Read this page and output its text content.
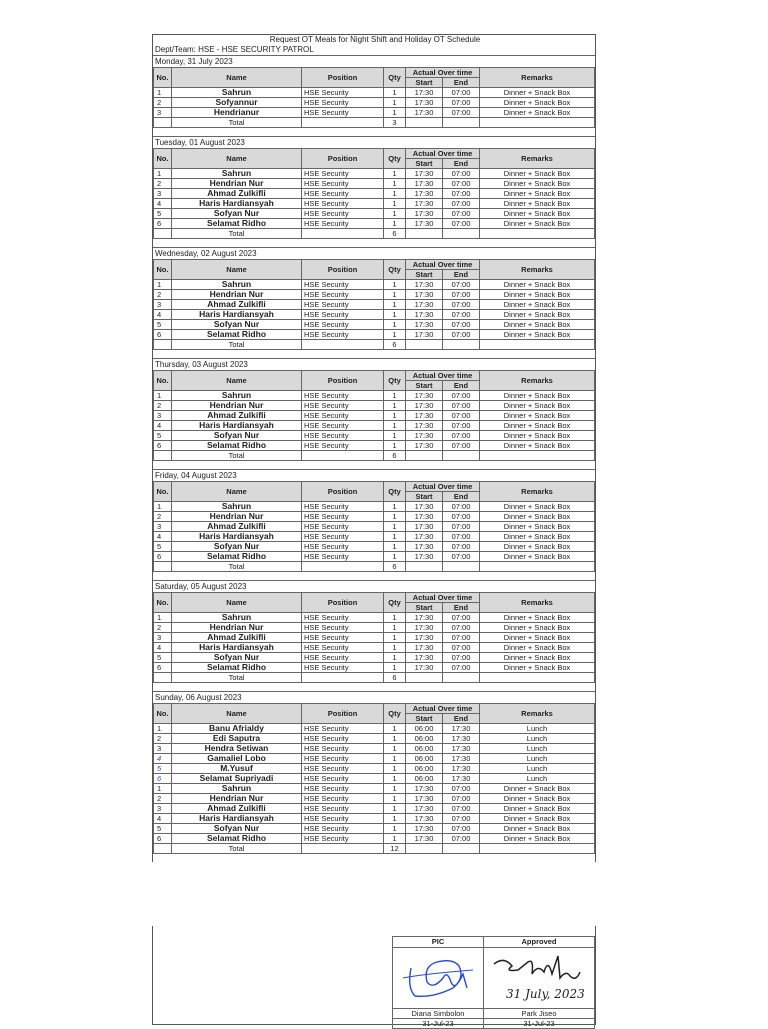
Request OT Meals for Night Shift and Holiday OT Schedule
Dept/Team: HSE - HSE SECURITY PATROL
Monday, 31 July 2023
No.	Name	Position	Qty	Actual Over time		Remarks
				Start	End	
1	Sahrun	HSE Security	1	17:30	07:00	Dinner + Snack Box
2	Sofyannur	HSE Security	1	17:30	07:00	Dinner + Snack Box
3	Hendrianur	HSE Security	1	17:30	07:00	Dinner + Snack Box
	Total		3			
Tuesday, 01 August 2023
No.	Name	Position	Qty	Actual Over time		Remarks
				Start	End	
1	Sahrun	HSE Security	1	17:30	07:00	Dinner + Snack Box
2	Hendrian Nur	HSE Security	1	17:30	07:00	Dinner + Snack Box
3	Ahmad Zulkifli	HSE Security	1	17:30	07:00	Dinner + Snack Box
4	Haris Hardiansyah	HSE Security	1	17:30	07:00	Dinner + Snack Box
5	Sofyan Nur	HSE Security	1	17:30	07:00	Dinner + Snack Box
6	Selamat Ridho	HSE Security	1	17:30	07:00	Dinner + Snack Box
	Total		6			
Wednesday, 02 August 2023
No.	Name	Position	Qty	Actual Over time		Remarks
				Start	End	
1	Sahrun	HSE Security	1	17:30	07:00	Dinner + Snack Box
2	Hendrian Nur	HSE Security	1	17:30	07:00	Dinner + Snack Box
3	Ahmad Zulkifli	HSE Security	1	17:30	07:00	Dinner + Snack Box
4	Haris Hardiansyah	HSE Security	1	17:30	07:00	Dinner + Snack Box
5	Sofyan Nur	HSE Security	1	17:30	07:00	Dinner + Snack Box
6	Selamat Ridho	HSE Security	1	17:30	07:00	Dinner + Snack Box
	Total		6			
Thursday, 03 August 2023
No.	Name	Position	Qty	Actual Over time		Remarks
				Start	End	
1	Sahrun	HSE Security	1	17:30	07:00	Dinner + Snack Box
2	Hendrian Nur	HSE Security	1	17:30	07:00	Dinner + Snack Box
3	Ahmad Zulkifli	HSE Security	1	17:30	07:00	Dinner + Snack Box
4	Haris Hardiansyah	HSE Security	1	17:30	07:00	Dinner + Snack Box
5	Sofyan Nur	HSE Security	1	17:30	07:00	Dinner + Snack Box
6	Selamat Ridho	HSE Security	1	17:30	07:00	Dinner + Snack Box
	Total		6			
Friday, 04 August 2023
No.	Name	Position	Qty	Actual Over time		Remarks
				Start	End	
1	Sahrun	HSE Security	1	17:30	07:00	Dinner + Snack Box
2	Hendrian Nur	HSE Security	1	17:30	07:00	Dinner + Snack Box
3	Ahmad Zulkifli	HSE Security	1	17:30	07:00	Dinner + Snack Box
4	Haris Hardiansyah	HSE Security	1	17:30	07:00	Dinner + Snack Box
5	Sofyan Nur	HSE Security	1	17:30	07:00	Dinner + Snack Box
6	Selamat Ridho	HSE Security	1	17:30	07:00	Dinner + Snack Box
	Total		6			
Saturday, 05 August 2023
No.	Name	Position	Qty	Actual Over time		Remarks
				Start	End	
1	Sahrun	HSE Security	1	17:30	07:00	Dinner + Snack Box
2	Hendrian Nur	HSE Security	1	17:30	07:00	Dinner + Snack Box
3	Ahmad Zulkifli	HSE Security	1	17:30	07:00	Dinner + Snack Box
4	Haris Hardiansyah	HSE Security	1	17:30	07:00	Dinner + Snack Box
5	Sofyan Nur	HSE Security	1	17:30	07:00	Dinner + Snack Box
6	Selamat Ridho	HSE Security	1	17:30	07:00	Dinner + Snack Box
	Total		6			
Sunday, 06 August 2023
No.	Name	Position	Qty	Actual Over time		Remarks
				Start	End	
1	Banu Afrialdy	HSE Security	1	06:00	17:30	Lunch
2	Edi Saputra	HSE Security	1	06:00	17:30	Lunch
3	Hendra Setiwan	HSE Security	1	06:00	17:30	Lunch
4	Gamaliel Lobo	HSE Security	1	06:00	17:30	Lunch
5	M.Yusuf	HSE Security	1	06:00	17:30	Lunch
6	Selamat Supriyadi	HSE Security	1	06:00	17:30	Lunch
1	Sahrun	HSE Security	1	17:30	07:00	Dinner + Snack Box
2	Hendrian Nur	HSE Security	1	17:30	07:00	Dinner + Snack Box
3	Ahmad Zulkifli	HSE Security	1	17:30	07:00	Dinner + Snack Box
4	Haris Hardiansyah	HSE Security	1	17:30	07:00	Dinner + Snack Box
5	Sofyan Nur	HSE Security	1	17:30	07:00	Dinner + Snack Box
6	Selamat Ridho	HSE Security	1	17:30	07:00	Dinner + Snack Box
	Total		12			
PIC	Approved

31 July, 2023

Diana Simbolon	Park Jiseo
31-Jul-23	31-Jul-23
